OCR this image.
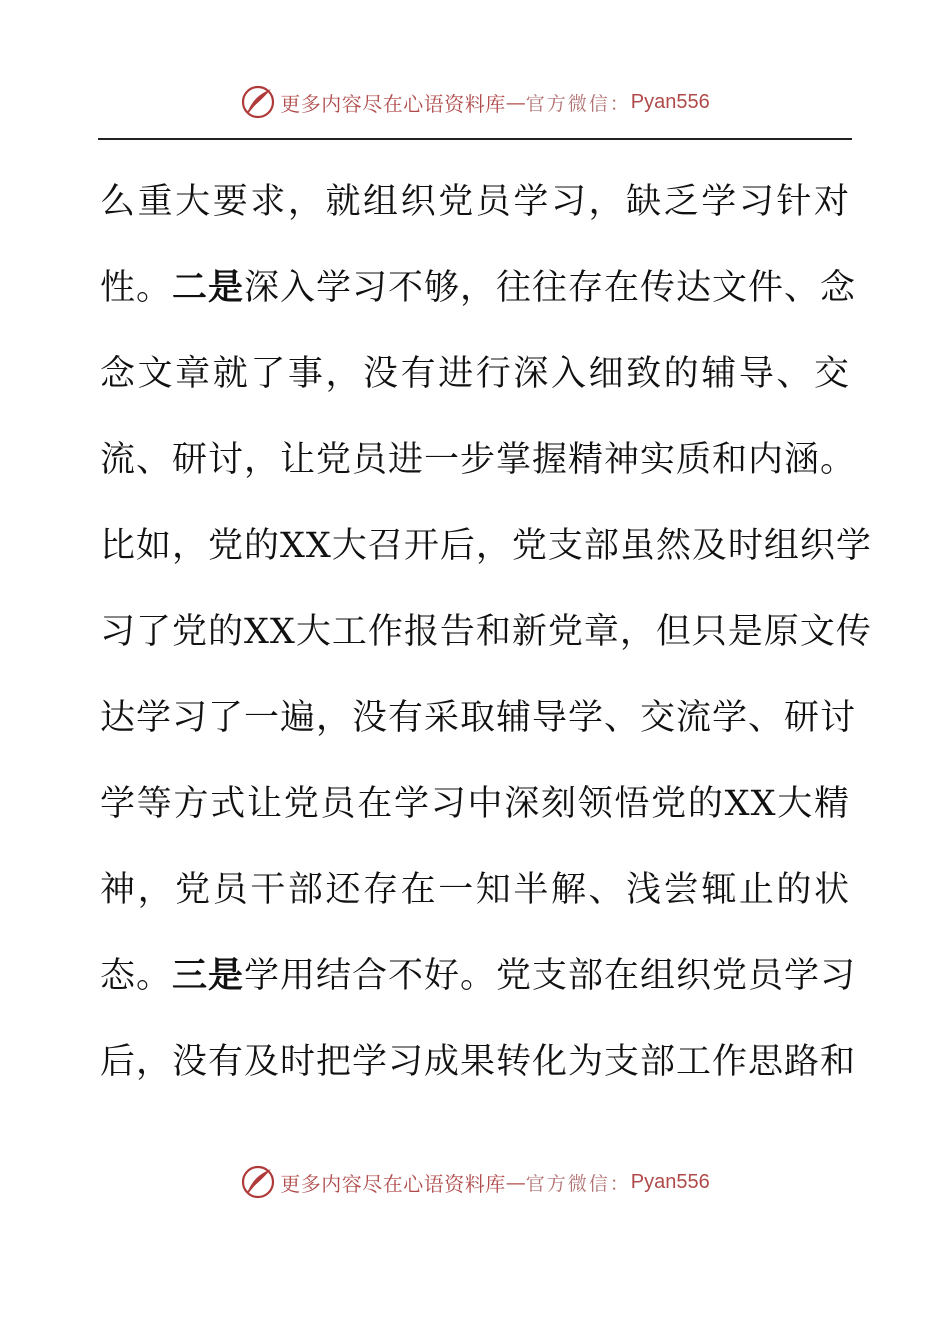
更多内容尽在心语资料库 — 官方微信： Pyan556
么重大要求，就组织党员学习，缺乏学习针对
性。二是深入学习不够，往往存在传达文件、念
念文章就了事，没有进行深入细致的辅导、交
流、研讨，让党员进一步掌握精神实质和内涵。
比如，党的XX大召开后，党支部虽然及时组织学
习了党的XX大工作报告和新党章，但只是原文传
达学习了一遍，没有采取辅导学、交流学、研讨
学等方式让党员在学习中深刻领悟党的XX大精
神，党员干部还存在一知半解、浅尝辄止的状
态。三是学用结合不好。党支部在组织党员学习
后，没有及时把学习成果转化为支部工作思路和
更多内容尽在心语资料库 — 官方微信： Pyan556
